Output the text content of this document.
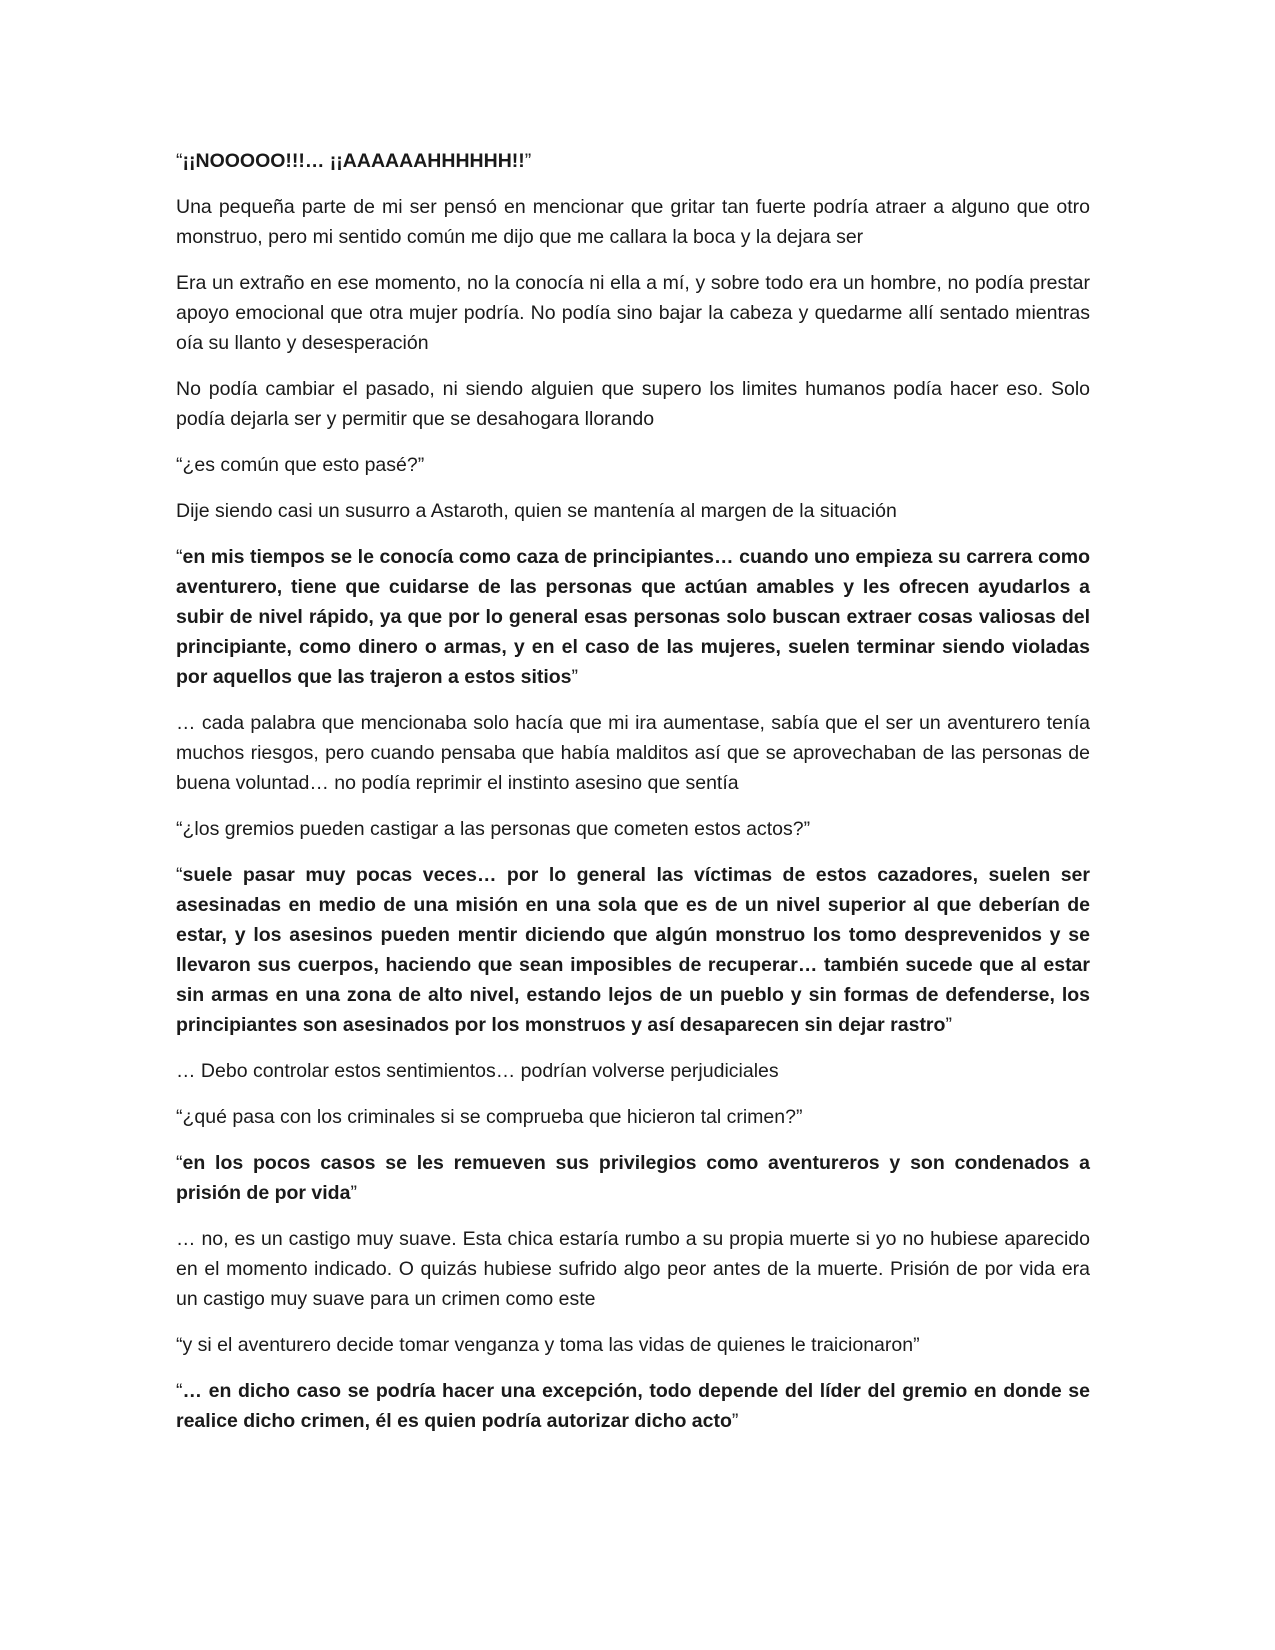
“¡¡NOOOOO!!!… ¡¡AAAAAAHHHHHH!!”

Una pequeña parte de mi ser pensó en mencionar que gritar tan fuerte podría atraer a alguno que otro monstruo, pero mi sentido común me dijo que me callara la boca y la dejara ser

Era un extraño en ese momento, no la conocía ni ella a mí, y sobre todo era un hombre, no podía prestar apoyo emocional que otra mujer podría. No podía sino bajar la cabeza y quedarme allí sentado mientras oía su llanto y desesperación

No podía cambiar el pasado, ni siendo alguien que supero los limites humanos podía hacer eso. Solo podía dejarla ser y permitir que se desahogara llorando

“¿es común que esto pasé?”

Dije siendo casi un susurro a Astaroth, quien se mantenía al margen de la situación

“en mis tiempos se le conocía como caza de principiantes… cuando uno empieza su carrera como aventurero, tiene que cuidarse de las personas que actúan amables y les ofrecen ayudarlos a subir de nivel rápido, ya que por lo general esas personas solo buscan extraer cosas valiosas del principiante, como dinero o armas, y en el caso de las mujeres, suelen terminar siendo violadas por aquellos que las trajeron a estos sitios”

… cada palabra que mencionaba solo hacía que mi ira aumentase, sabía que el ser un aventurero tenía muchos riesgos, pero cuando pensaba que había malditos así que se aprovechaban de las personas de buena voluntad… no podía reprimir el instinto asesino que sentía

“¿los gremios pueden castigar a las personas que cometen estos actos?”

“suele pasar muy pocas veces… por lo general las víctimas de estos cazadores, suelen ser asesinadas en medio de una misión en una sola que es de un nivel superior al que deberían de estar, y los asesinos pueden mentir diciendo que algún monstruo los tomo desprevenidos y se llevaron sus cuerpos, haciendo que sean imposibles de recuperar… también sucede que al estar sin armas en una zona de alto nivel, estando lejos de un pueblo y sin formas de defenderse, los principiantes son asesinados por los monstruos y así desaparecen sin dejar rastro”

… Debo controlar estos sentimientos… podrían volverse perjudiciales

“¿qué pasa con los criminales si se comprueba que hicieron tal crimen?”

“en los pocos casos se les remueven sus privilegios como aventureros y son condenados a prisión de por vida”

… no, es un castigo muy suave. Esta chica estaría rumbo a su propia muerte si yo no hubiese aparecido en el momento indicado. O quizás hubiese sufrido algo peor antes de la muerte. Prisión de por vida era un castigo muy suave para un crimen como este

“y si el aventurero decide tomar venganza y toma las vidas de quienes le traicionaron”

“… en dicho caso se podría hacer una excepción, todo depende del líder del gremio en donde se realice dicho crimen, él es quien podría autorizar dicho acto”
